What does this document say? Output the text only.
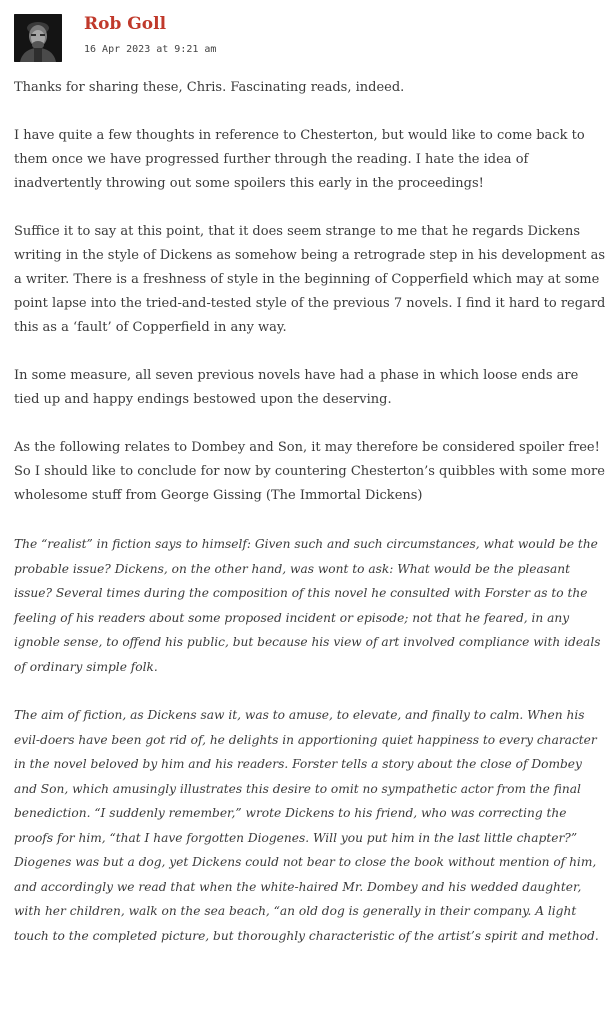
Rob Goll
16 Apr 2023 at 9:21 am

Thanks for sharing these, Chris. Fascinating reads, indeed.

I have quite a few thoughts in reference to Chesterton, but would like to come back to them once we have progressed further through the reading. I hate the idea of inadvertently throwing out some spoilers this early in the proceedings!

Suffice it to say at this point, that it does seem strange to me that he regards Dickens writing in the style of Dickens as somehow being a retrograde step in his development as a writer. There is a freshness of style in the beginning of Copperfield which may at some point lapse into the tried-and-tested style of the previous 7 novels. I find it hard to regard this as a ‘fault’ of Copperfield in any way.

In some measure, all seven previous novels have had a phase in which loose ends are tied up and happy endings bestowed upon the deserving.

As the following relates to Dombey and Son, it may therefore be considered spoiler free! So I should like to conclude for now by countering Chesterton’s quibbles with some more wholesome stuff from George Gissing (The Immortal Dickens)

The “realist” in fiction says to himself: Given such and such circumstances, what would be the probable issue? Dickens, on the other hand, was wont to ask: What would be the pleasant issue? Several times during the composition of this novel he consulted with Forster as to the feeling of his readers about some proposed incident or episode; not that he feared, in any ignoble sense, to offend his public, but because his view of art involved compliance with ideals of ordinary simple folk.

The aim of fiction, as Dickens saw it, was to amuse, to elevate, and finally to calm. When his evil-doers have been got rid of, he delights in apportioning quiet happiness to every character in the novel beloved by him and his readers. Forster tells a story about the close of Dombey and Son, which amusingly illustrates this desire to omit no sympathetic actor from the final benediction. “I suddenly remember,” wrote Dickens to his friend, who was correcting the proofs for him, “that I have forgotten Diogenes. Will you put him in the last little chapter?” Diogenes was but a dog, yet Dickens could not bear to close the book without mention of him, and accordingly we read that when the white-haired Mr. Dombey and his wedded daughter, with her children, walk on the sea beach, “an old dog is generally in their company. A light touch to the completed picture, but thoroughly characteristic of the artist’s spirit and method.
